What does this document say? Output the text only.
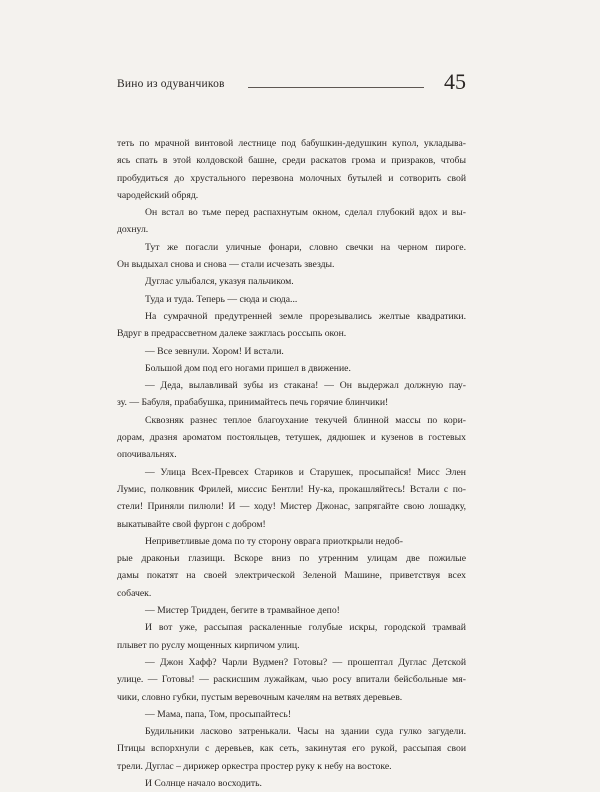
Вино из одуванчиков	45
теть по мрачной винтовой лестнице под бабушкин-дедушкин купол, укладыва-
ясь спать в этой колдовской башне, среди раскатов грома и призраков, чтобы
пробудиться до хрустального перезвона молочных бутылей и сотворить свой
чародейский обряд.
Он встал во тьме перед распахнутым окном, сделал глубокий вдох и вы-
дохнул.
Тут же погасли уличные фонари, словно свечки на черном пироге.
Он выдыхал снова и снова — стали исчезать звезды.
Дуглас улыбался, указуя пальчиком.
Туда и туда. Теперь — сюда и сюда...
На сумрачной предутренней земле прорезывались желтые квадратики.
Вдруг в предрассветном далеке зажглась россыпь окон.
— Все зевнули. Хором! И встали.
Большой дом под его ногами пришел в движение.
— Деда, вылавливай зубы из стакана! — Он выдержал должную пау-
зу. — Бабуля, прабабушка, принимайтесь печь горячие блинчики!
Сквозняк разнес теплое благоухание текучей блинной массы по кори-
дорам, дразня ароматом постояльцев, тетушек, дядюшек и кузенов в гостевых
опочивальнях.
— Улица Всех-Превсех Стариков и Старушек, просыпайся! Мисс Элен
Лумис, полковник Фрилей, миссис Бентли! Ну-ка, прокашляйтесь! Встали с по-
стели! Приняли пилюли! И — ходу! Мистер Джонас, запрягайте свою лошадку,
выкатывайте свой фургон с добром!
Неприветливые дома по ту сторону оврага приоткрыли недоб-
рые драконьи глазищи. Вскоре вниз по утренним улицам две пожилые
дамы покатят на своей электрической Зеленой Машине, приветствуя всех
собачек.
— Мистер Тридден, бегите в трамвайное депо!
И вот уже, рассыпая раскаленные голубые искры, городской трамвай
плывет по руслу мощенных кирпичом улиц.
— Джон Хафф? Чарли Вудмен? Готовы? — прошептал Дуглас Детской
улице. — Готовы! — раскисшим лужайкам, чью росу впитали бейсбольные мя-
чики, словно губки, пустым веревочным качелям на ветвях деревьев.
— Мама, папа, Том, просыпайтесь!
Будильники ласково затренькали. Часы на здании суда гулко загудели.
Птицы вспорхнули с деревьев, как сеть, закинутая его рукой, рассыпая свои
трели. Дуглас – дирижер оркестра простер руку к небу на востоке.
И Солнце начало восходить.
